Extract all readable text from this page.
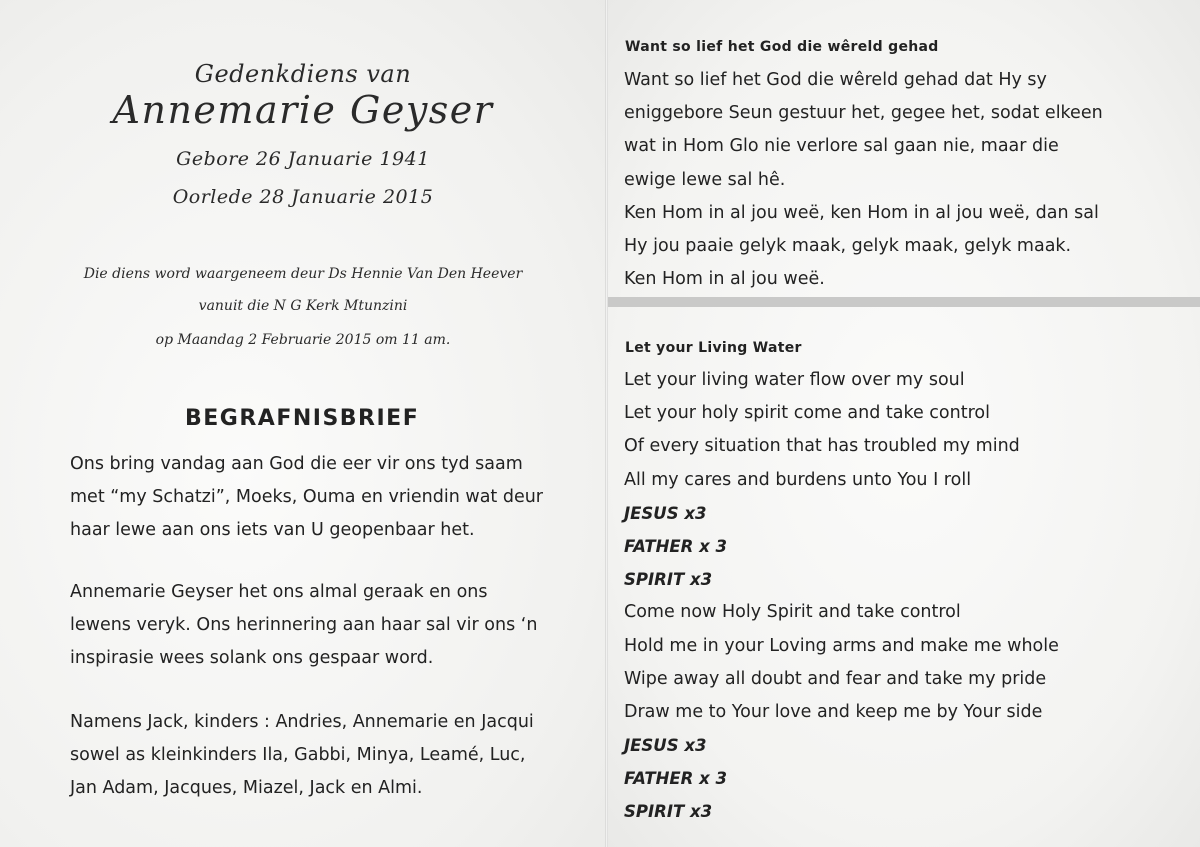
Gedenkdiens van
Annemarie Geyser
Gebore 26 Januarie 1941
Oorlede 28 Januarie 2015
Die diens word waargeneem deur Ds Hennie Van Den Heever
vanuit die N G Kerk Mtunzini
op Maandag 2 Februarie 2015 om 11 am.
BEGRAFNISBRIEF
Ons bring vandag aan God die eer vir ons tyd saam
met “my Schatzi”, Moeks, Ouma en vriendin wat deur
haar lewe aan ons iets van U geopenbaar het.
Annemarie Geyser het ons almal geraak en ons
lewens veryk. Ons herinnering aan haar sal vir ons ‘n
inspirasie wees solank ons gespaar word.
Namens Jack, kinders : Andries, Annemarie en Jacqui
sowel as kleinkinders Ila, Gabbi, Minya, Leamé, Luc,
Jan Adam, Jacques, Miazel, Jack en Almi.
Want so lief het God die wêreld gehad
Want so lief het God die wêreld gehad dat Hy sy
eniggebore Seun gestuur het, gegee het, sodat elkeen
wat in Hom Glo nie verlore sal gaan nie, maar die
ewige lewe sal hê.
Ken Hom in al jou weë, ken Hom in al jou weë, dan sal
Hy jou paaie gelyk maak, gelyk maak, gelyk maak.
Ken Hom in al jou weë.
Let your Living Water
Let your living water flow over my soul
Let your holy spirit come and take control
Of every situation that has troubled my mind
All my cares and burdens unto You I roll
JESUS x3
FATHER x 3
SPIRIT x3
Come now Holy Spirit and take control
Hold me in your Loving arms and make me whole
Wipe away all doubt and fear and take my pride
Draw me to Your love and keep me by Your side
JESUS x3
FATHER x 3
SPIRIT x3
